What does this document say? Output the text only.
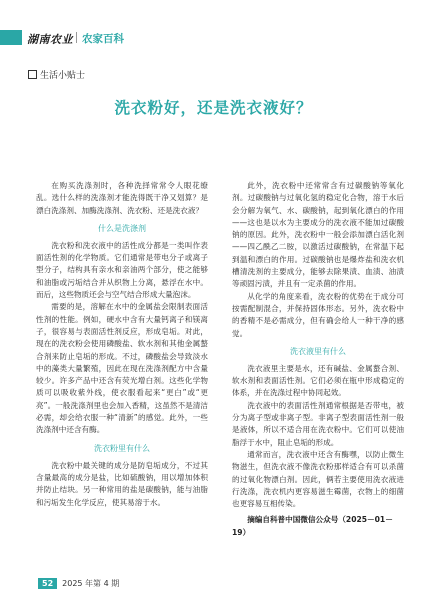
湖南农业 农家百科
生活小贴士
洗衣粉好，还是洗衣液好？

在购买洗涤剂时，各种洗择常常令人眼花缭乱。选什么样的洗涤剂才能洗得既干净又划算？是漂白洗涤剂、加酶洗涤剂、洗衣粉、还是洗衣液？

什么是洗涤剂

洗衣粉和洗衣液中的活性成分都是一类叫作表面活性剂的化学物质。它们通常是带电分子或离子型分子，结构具有亲水和亲油两个部分，使之能够和油脂或污垢结合并从织物上分离，悬浮在水中。而后，这些物质还会与空气结合形成大量泡沫。

需要的是，溶解在水中的金属盐会限制表面活性剂的性能。例如，硬水中含有大量钙离子和镁离子，很容易与表面活性剂反应，形成皂垢。对此，现在的洗衣粉会使用磷酸盐、软水剂和其他金属螯合剂来防止皂垢的形成。不过，磷酸盐会导致淡水中的藻类大量繁殖，因此在现在洗涤剂配方中含量较少。许多产品中还含有荧光增白剂。这些化学物质可以吸收紫外线，使衣服看起来“更白”或“更亮”。一般洗涤剂里也会加入香精，这虽然不是清洁必需，却会给衣服一种“清新”的感觉。此外，一些洗涤剂中还含有酶。

洗衣粉里有什么

洗衣粉中最关键的成分是防皂垢成分，不过其含量最高的成分是盐，比如硫酸钠，用以增加体积并防止结块。另一种常用的盐是碳酸钠，能与油脂和污垢发生化学反应，使其易溶于水。

此外，洗衣粉中还常常含有过碳酸钠等氧化剂。过碳酸钠与过氧化氢的稳定化合物，溶于水后会分解为氧气、水、碳酸钠，起到氧化漂白的作用——这也是以水为主要成分的洗衣液不能加过碳酸钠的原因。此外，洗衣粉中一般会添加漂白活化剂——四乙酰乙二胺，以激活过碳酸钠，在常温下起到温和漂白的作用。过碳酸钠也是爆炸盐和洗衣机槽清洗剂的主要成分，能够去除果渍、血渍、油渍等顽固污渍，并且有一定杀菌的作用。

从化学的角度来看，洗衣粉的优势在于成分可按需配制混合，并保持固体形态。另外，洗衣粉中的香精不是必需成分，但有确会给人一种干净的感觉。

洗衣液里有什么

洗衣液里主要是水，还有碱盐、金属螯合剂、软水剂和表面活性剂。它们必须在瓶中形成稳定的体系，并在洗涤过程中协同起效。

洗衣液中的表面活性剂通常根据是否带电，被分为离子型或非离子型。非离子型表面活性剂一般是液体，所以不适合用在洗衣粉中。它们可以使油脂浮于水中，阻止皂垢的形成。

通常而言，洗衣液中还含有酶嘿，以防止微生物滋生，但洗衣液不像洗衣粉那样适合有可以杀菌的过氧化物漂白剂。因此，俩若主要使用洗衣液进行洗涤，洗衣机内更容易滋生霉菌，衣物上的细菌也更容易互相传染。

摘编自科普中国微信公众号（2025－01－19）

52	2025 年第 4 期
